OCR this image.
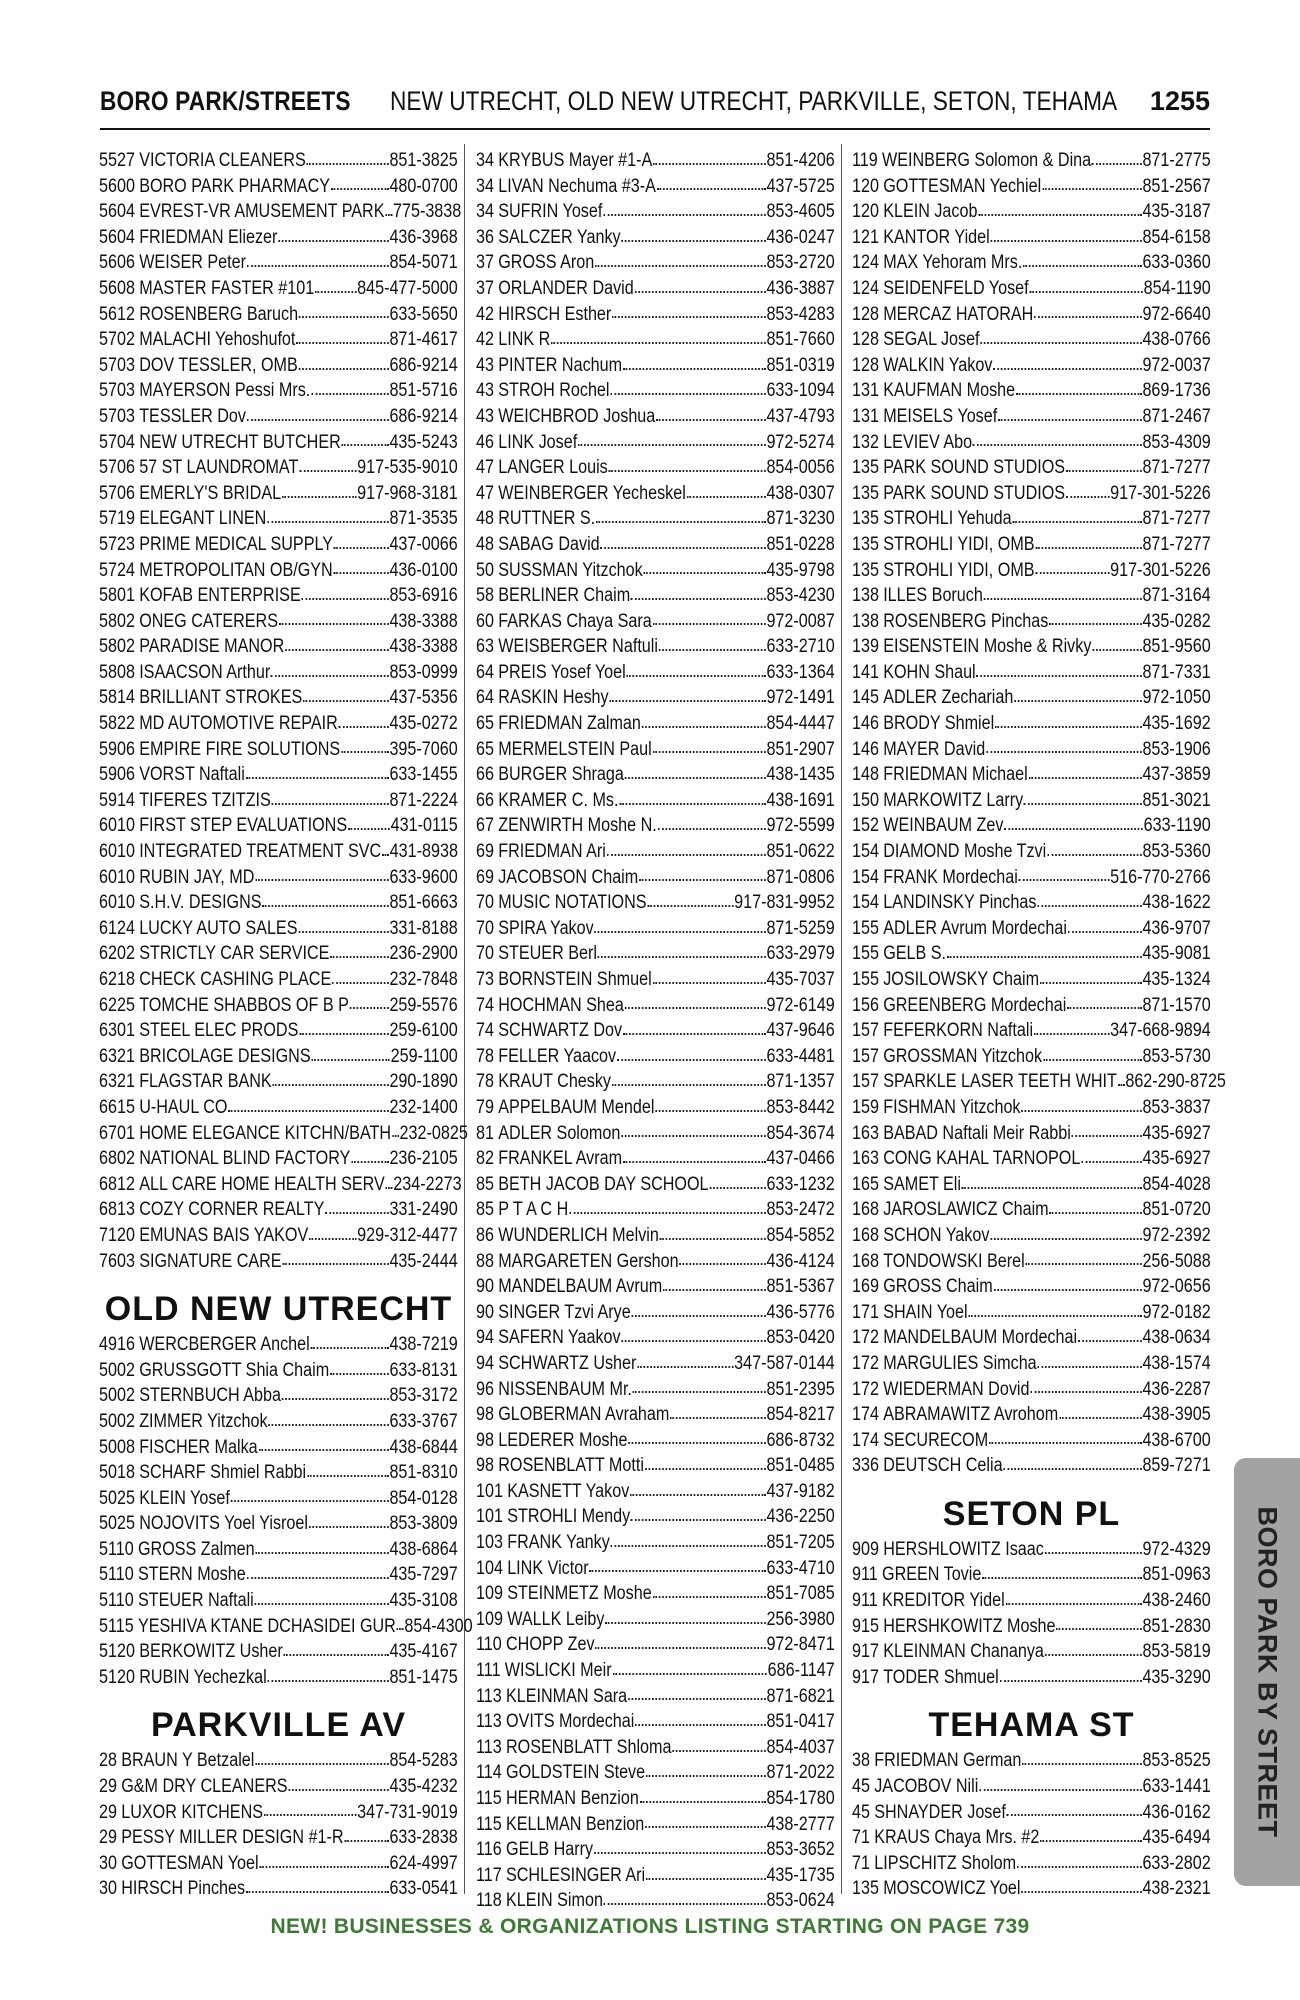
BORO PARK/STREETS NEW UTRECHT, OLD NEW UTRECHT, PARKVILLE, SETON, TEHAMA 1255
5527 VICTORIA CLEANERS	851-3825
5600 BORO PARK PHARMACY	480-0700
5604 EVREST-VR AMUSEMENT PARK 775-3838
5604 FRIEDMAN Eliezer	436-3968
5606 WEISER Peter	854-5071
5608 MASTER FASTER #101 845-477-5000
5612 ROSENBERG Baruch	633-5650
5702 MALACHI Yehoshufot	871-4617
5703 DOV TESSLER, OMB	686-9214
5703 MAYERSON Pessi Mrs.	851-5716
5703 TESSLER Dov	686-9214
5704 NEW UTRECHT BUTCHER	435-5243
5706 57 ST LAUNDROMAT	917-535-9010
5706 EMERLY'S BRIDAL	917-968-3181
5719 ELEGANT LINEN	871-3535
5723 PRIME MEDICAL SUPPLY	437-0066
5724 METROPOLITAN OB/GYN	436-0100
5801 KOFAB ENTERPRISE	853-6916
5802 ONEG CATERERS	438-3388
5802 PARADISE MANOR	438-3388
5808 ISAACSON Arthur	853-0999
5814 BRILLIANT STROKES	437-5356
5822 MD AUTOMOTIVE REPAIR	435-0272
5906 EMPIRE FIRE SOLUTIONS	395-7060
5906 VORST Naftali	633-1455
5914 TIFERES TZITZIS	871-2224
6010 FIRST STEP EVALUATIONS 431-0115
6010 INTEGRATED TREATMENT SVC 431-8938
6010 RUBIN JAY, MD	633-9600
6010 S.H.V. DESIGNS	851-6663
6124 LUCKY AUTO SALES	331-8188
6202 STRICTLY CAR SERVICE	236-2900
6218 CHECK CASHING PLACE	232-7848
6225 TOMCHE SHABBOS OF B P 259-5576
6301 STEEL ELEC PRODS	259-6100
6321 BRICOLAGE DESIGNS	259-1100
6321 FLAGSTAR BANK	290-1890
6615 U-HAUL CO	232-1400
6701 HOME ELEGANCE KITCHN/BATH 232-0825
6802 NATIONAL BLIND FACTORY 236-2105
6812 ALL CARE HOME HEALTH SERV 234-2273
6813 COZY CORNER REALTY	331-2490
7120 EMUNAS BAIS YAKOV	929-312-4477
7603 SIGNATURE CARE	435-2444
OLD NEW UTRECHT
4916 WERCBERGER Anchel	438-7219
5002 GRUSSGOTT Shia Chaim	633-8131
5002 STERNBUCH Abba	853-3172
5002 ZIMMER Yitzchok	633-3767
5008 FISCHER Malka	438-6844
5018 SCHARF Shmiel Rabbi	851-8310
5025 KLEIN Yosef	854-0128
5025 NOJOVITS Yoel Yisroel	853-3809
5110 GROSS Zalmen	438-6864
5110 STERN Moshe	435-7297
5110 STEUER Naftali	435-3108
5115 YESHIVA KTANE DCHASIDEI GUR 854-4300
5120 BERKOWITZ Usher	435-4167
5120 RUBIN Yechezkal	851-1475
PARKVILLE AV
28 BRAUN Y Betzalel	854-5283
29 G&M DRY CLEANERS	435-4232
29 LUXOR KITCHENS	347-731-9019
29 PESSY MILLER DESIGN #1-R 633-2838
30 GOTTESMAN Yoel	624-4997
30 HIRSCH Pinches	633-0541
34 KRYBUS Mayer #1-A	851-4206
34 LIVAN Nechuma #3-A	437-5725
34 SUFRIN Yosef	853-4605
36 SALCZER Yanky	436-0247
37 GROSS Aron	853-2720
37 ORLANDER David	436-3887
42 HIRSCH Esther	853-4283
42 LINK R	851-7660
43 PINTER Nachum	851-0319
43 STROH Rochel	633-1094
43 WEICHBROD Joshua	437-4793
46 LINK Josef	972-5274
47 LANGER Louis	854-0056
47 WEINBERGER Yecheskel	438-0307
48 RUTTNER S.	871-3230
48 SABAG David	851-0228
50 SUSSMAN Yitzchok	435-9798
58 BERLINER Chaim	853-4230
60 FARKAS Chaya Sara	972-0087
63 WEISBERGER Naftuli	633-2710
64 PREIS Yosef Yoel	633-1364
64 RASKIN Heshy	972-1491
65 FRIEDMAN Zalman	854-4447
65 MERMELSTEIN Paul	851-2907
66 BURGER Shraga	438-1435
66 KRAMER C. Ms.	438-1691
67 ZENWIRTH Moshe N.	972-5599
69 FRIEDMAN Ari	851-0622
69 JACOBSON Chaim	871-0806
70 MUSIC NOTATIONS	917-831-9952
70 SPIRA Yakov	871-5259
70 STEUER Berl	633-2979
73 BORNSTEIN Shmuel	435-7037
74 HOCHMAN Shea	972-6149
74 SCHWARTZ Dov	437-9646
78 FELLER Yaacov	633-4481
78 KRAUT Chesky	871-1357
79 APPELBAUM Mendel	853-8442
81 ADLER Solomon	854-3674
82 FRANKEL Avram	437-0466
85 BETH JACOB DAY SCHOOL	633-1232
85 P T A C H	853-2472
86 WUNDERLICH Melvin	854-5852
88 MARGARETEN Gershon	436-4124
90 MANDELBAUM Avrum	851-5367
90 SINGER Tzvi Arye	436-5776
94 SAFERN Yaakov	853-0420
94 SCHWARTZ Usher	347-587-0144
96 NISSENBAUM Mr.	851-2395
98 GLOBERMAN Avraham	854-8217
98 LEDERER Moshe	686-8732
98 ROSENBLATT Motti	851-0485
101 KASNETT Yakov	437-9182
101 STROHLI Mendy	436-2250
103 FRANK Yanky	851-7205
104 LINK Victor	633-4710
109 STEINMETZ Moshe	851-7085
109 WALLK Leiby	256-3980
110 CHOPP Zev	972-8471
111 WISLICKI Meir	686-1147
113 KLEINMAN Sara	871-6821
113 OVITS Mordechai	851-0417
113 ROSENBLATT Shloma	854-4037
114 GOLDSTEIN Steve	871-2022
115 HERMAN Benzion	854-1780
115 KELLMAN Benzion	438-2777
116 GELB Harry	853-3652
117 SCHLESINGER Ari	435-1735
118 KLEIN Simon	853-0624
119 WEINBERG Solomon & Dina	871-2775
120 GOTTESMAN Yechiel	851-2567
120 KLEIN Jacob	435-3187
121 KANTOR Yidel	854-6158
124 MAX Yehoram Mrs.	633-0360
124 SEIDENFELD Yosef	854-1190
128 MERCAZ HATORAH	972-6640
128 SEGAL Josef	438-0766
128 WALKIN Yakov	972-0037
131 KAUFMAN Moshe	869-1736
131 MEISELS Yosef	871-2467
132 LEVIEV Abo	853-4309
135 PARK SOUND STUDIOS	871-7277
135 PARK SOUND STUDIOS 917-301-5226
135 STROHLI Yehuda	871-7277
135 STROHLI YIDI, OMB	871-7277
135 STROHLI YIDI, OMB	917-301-5226
138 ILLES Boruch	871-3164
138 ROSENBERG Pinchas	435-0282
139 EISENSTEIN Moshe & Rivky	851-9560
141 KOHN Shaul	871-7331
145 ADLER Zechariah	972-1050
146 BRODY Shmiel	435-1692
146 MAYER David	853-1906
148 FRIEDMAN Michael	437-3859
150 MARKOWITZ Larry	851-3021
152 WEINBAUM Zev	633-1190
154 DIAMOND Moshe Tzvi	853-5360
154 FRANK Mordechai	516-770-2766
154 LANDINSKY Pinchas	438-1622
155 ADLER Avrum Mordechai	436-9707
155 GELB S.	435-9081
155 JOSILOWSKY Chaim	435-1324
156 GREENBERG Mordechai	871-1570
157 FEFERKORN Naftali	347-668-9894
157 GROSSMAN Yitzchok	853-5730
157 SPARKLE LASER TEETH WHIT 862-290-8725
159 FISHMAN Yitzchok	853-3837
163 BABAD Naftali Meir Rabbi	435-6927
163 CONG KAHAL TARNOPOL	435-6927
165 SAMET Eli	854-4028
168 JAROSLAWICZ Chaim	851-0720
168 SCHON Yakov	972-2392
168 TONDOWSKI Berel	256-5088
169 GROSS Chaim	972-0656
171 SHAIN Yoel	972-0182
172 MANDELBAUM Mordechai	438-0634
172 MARGULIES Simcha	438-1574
172 WIEDERMAN Dovid	436-2287
174 ABRAMAWITZ Avrohom	438-3905
174 SECURECOM	438-6700
336 DEUTSCH Celia	859-7271
SETON PL
909 HERSHLOWITZ Isaac	972-4329
911 GREEN Tovie	851-0963
911 KREDITOR Yidel	438-2460
915 HERSHKOWITZ Moshe	851-2830
917 KLEINMAN Chananya	853-5819
917 TODER Shmuel	435-3290
TEHAMA ST
38 FRIEDMAN German	853-8525
45 JACOBOV Nili	633-1441
45 SHNAYDER Josef	436-0162
71 KRAUS Chaya Mrs. #2	435-6494
71 LIPSCHITZ Sholom	633-2802
135 MOSCOWICZ Yoel	438-2321
BORO PARK BY STREET
NEW! BUSINESSES & ORGANIZATIONS LISTING STARTING ON PAGE 739
